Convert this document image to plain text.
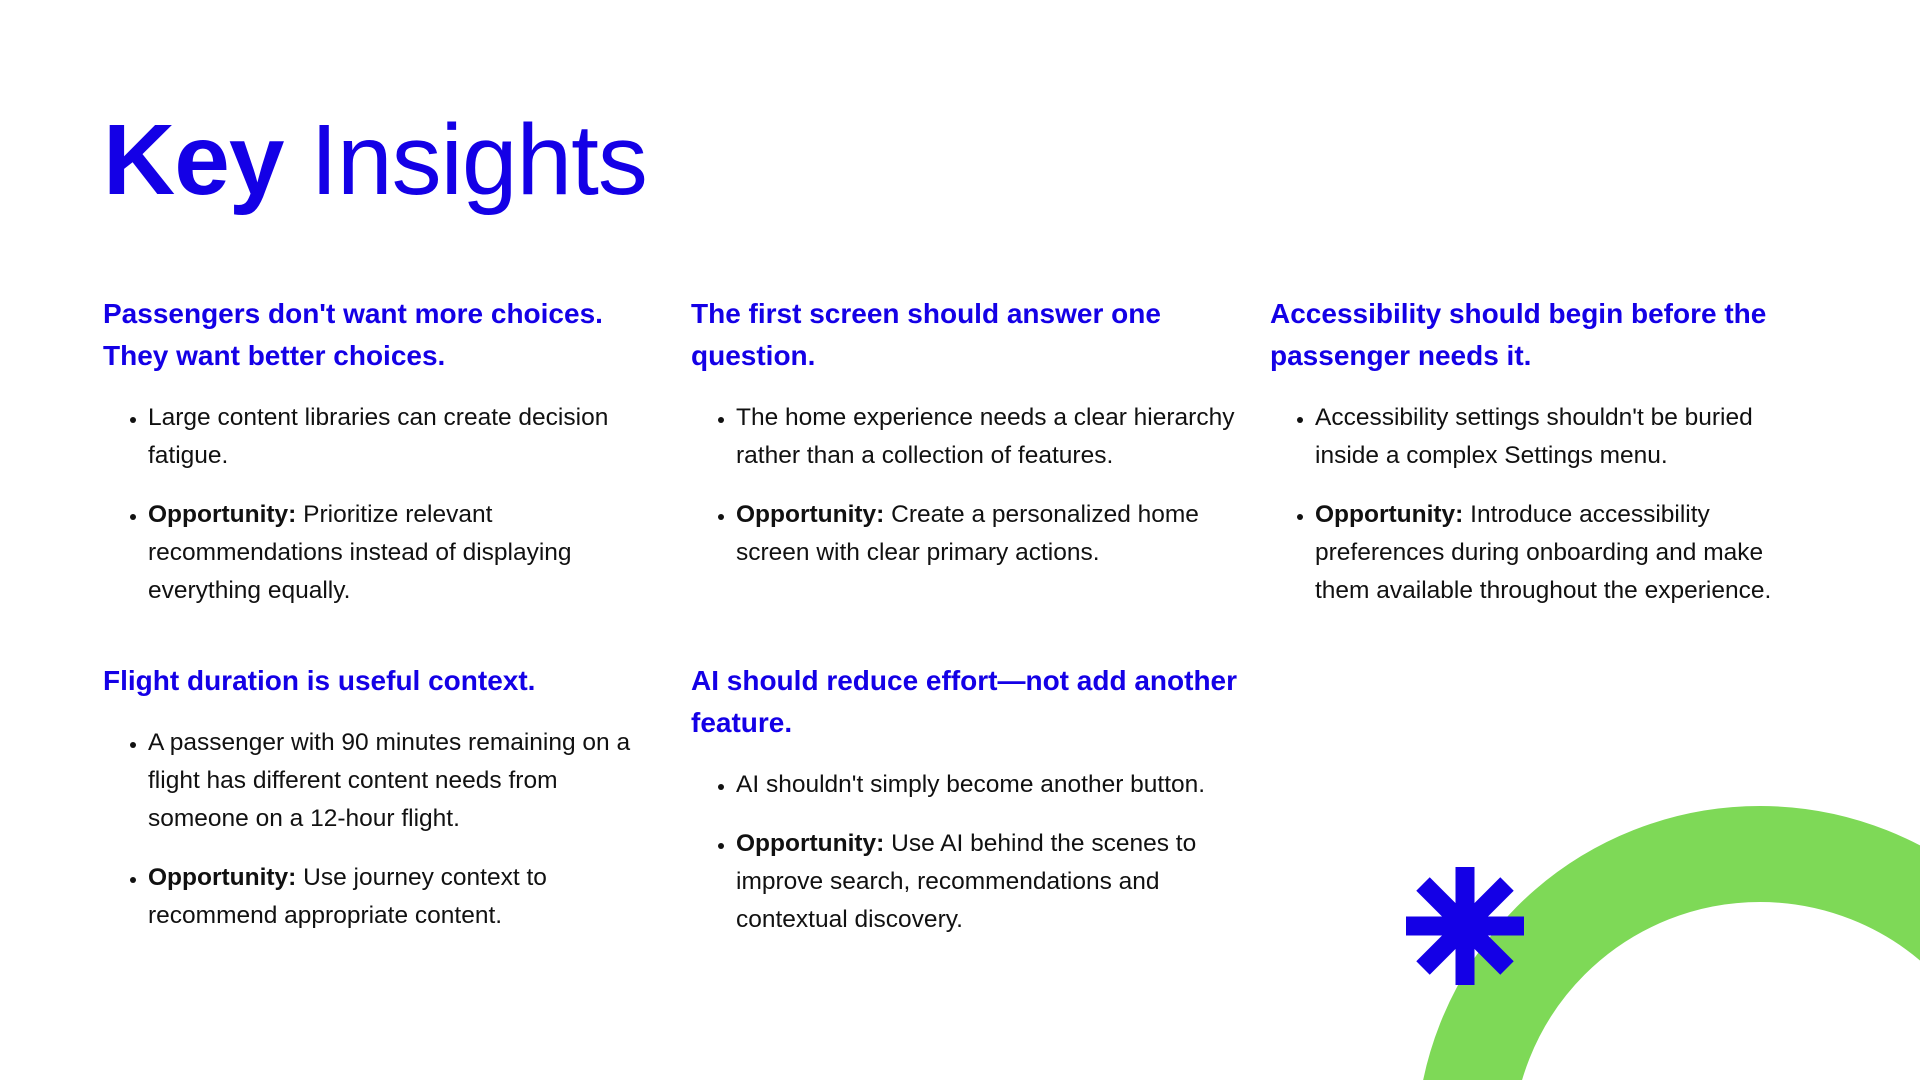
Key Insights
Passengers don't want more choices. They want better choices.
• Large content libraries can create decision fatigue.
• Opportunity: Prioritize relevant recommendations instead of displaying everything equally.
Flight duration is useful context.
• A passenger with 90 minutes remaining on a flight has different content needs from someone on a 12-hour flight.
• Opportunity: Use journey context to recommend appropriate content.
The first screen should answer one question.
• The home experience needs a clear hierarchy rather than a collection of features.
• Opportunity: Create a personalized home screen with clear primary actions.
AI should reduce effort—not add another feature.
• AI shouldn't simply become another button.
• Opportunity: Use AI behind the scenes to improve search, recommendations and contextual discovery.
Accessibility should begin before the passenger needs it.
• Accessibility settings shouldn't be buried inside a complex Settings menu.
• Opportunity: Introduce accessibility preferences during onboarding and make them available throughout the experience.
